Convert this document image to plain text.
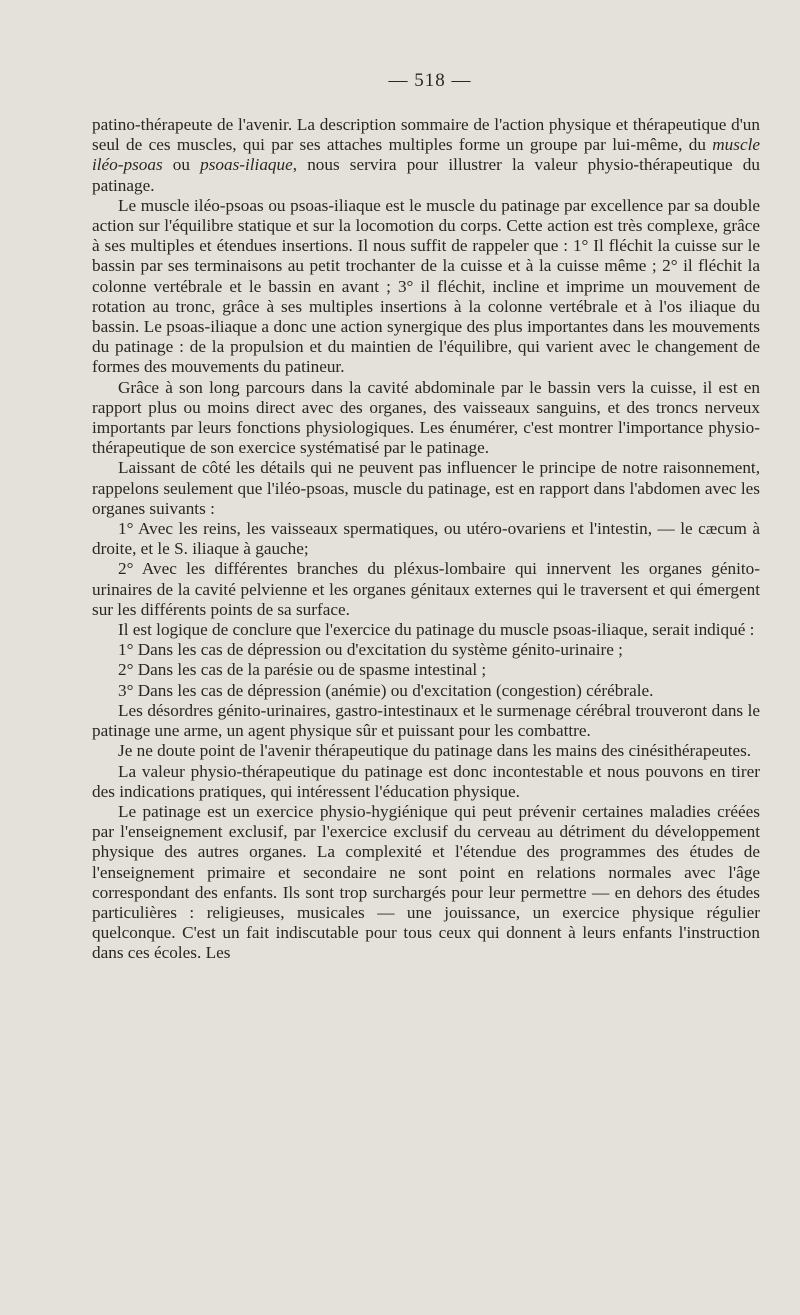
— 518 —

patino-thérapeute de l'avenir. La description sommaire de l'action physique et thérapeutique d'un seul de ces muscles, qui par ses attaches multiples forme un groupe par lui-même, du muscle iléo-psoas ou psoas-iliaque, nous servira pour illustrer la valeur physio-thérapeutique du patinage.

Le muscle iléo-psoas ou psoas-iliaque est le muscle du patinage par excellence par sa double action sur l'équilibre statique et sur la locomotion du corps. Cette action est très complexe, grâce à ses multiples et étendues insertions. Il nous suffit de rappeler que : 1° Il fléchit la cuisse sur le bassin par ses terminaisons au petit trochanter de la cuisse et à la cuisse même ; 2° il fléchit la colonne vertébrale et le bassin en avant ; 3° il fléchit, incline et imprime un mouvement de rotation au tronc, grâce à ses multiples insertions à la colonne vertébrale et à l'os iliaque du bassin. Le psoas-iliaque a donc une action synergique des plus importantes dans les mouvements du patinage : de la propulsion et du maintien de l'équilibre, qui varient avec le changement de formes des mouvements du patineur.

Grâce à son long parcours dans la cavité abdominale par le bassin vers la cuisse, il est en rapport plus ou moins direct avec des organes, des vaisseaux sanguins, et des troncs nerveux importants par leurs fonctions physiologiques. Les énumérer, c'est montrer l'importance physio-thérapeutique de son exercice systématisé par le patinage.

Laissant de côté les détails qui ne peuvent pas influencer le principe de notre raisonnement, rappelons seulement que l'iléo-psoas, muscle du patinage, est en rapport dans l'abdomen avec les organes suivants :

1° Avec les reins, les vaisseaux spermatiques, ou utéro-ovariens et l'intestin, — le cæcum à droite, et le S. iliaque à gauche;

2° Avec les différentes branches du pléxus-lombaire qui innervent les organes génito-urinaires de la cavité pelvienne et les organes génitaux externes qui le traversent et qui émergent sur les différents points de sa surface.

Il est logique de conclure que l'exercice du patinage du muscle psoas-iliaque, serait indiqué :

1° Dans les cas de dépression ou d'excitation du système génito-urinaire ;

2° Dans les cas de la parésie ou de spasme intestinal ;

3° Dans les cas de dépression (anémie) ou d'excitation (congestion) cérébrale.

Les désordres génito-urinaires, gastro-intestinaux et le surmenage cérébral trouveront dans le patinage une arme, un agent physique sûr et puissant pour les combattre.

Je ne doute point de l'avenir thérapeutique du patinage dans les mains des cinésithérapeutes.

La valeur physio-thérapeutique du patinage est donc incontestable et nous pouvons en tirer des indications pratiques, qui intéressent l'éducation physique.

Le patinage est un exercice physio-hygiénique qui peut prévenir certaines maladies créées par l'enseignement exclusif, par l'exercice exclusif du cerveau au détriment du développement physique des autres organes. La complexité et l'étendue des programmes des études de l'enseignement primaire et secondaire ne sont point en relations normales avec l'âge correspondant des enfants. Ils sont trop surchargés pour leur permettre — en dehors des études particulières : religieuses, musicales — une jouissance, un exercice physique régulier quelconque. C'est un fait indiscutable pour tous ceux qui donnent à leurs enfants l'instruction dans ces écoles. Les
